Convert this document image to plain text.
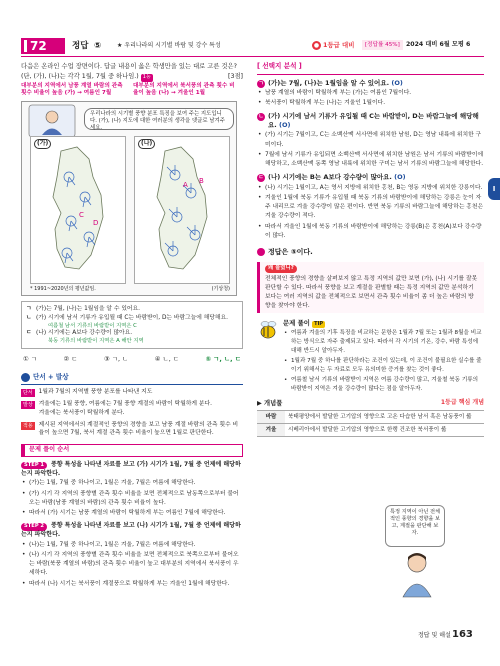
72	정답 ⑤	★ 우리나라의 시기별 바람 및 강수 특성	● 1등급 대비	[정답률 45%]	2024 대비 6월 모평 6
다음은 온라인 수업 장면이다. 답글 내용이 옳은 학생만을 있는 대로 고른 것은? (단, (가), (나)는 각각 1월, 7월 중 하나임.) 1등	[3점]
대부분의 지역에서 남풍 계열 바람의 관측 횟수 비율이 높음 (가) → 여름인 7월
대부분의 지역에서 북서풍의 관측 횟수 비율이 높음 (나) → 겨울인 1월
우리나라의 시기별 풍향 분포 특징을 보여 주는 지도입니다. (가), (나) 지도에 대한 여러분의 생각을 댓글로 남겨주세요.
(가)
C
D
(나)
A B
* 1991~2020년의 평년값임.	(기상청)
ㄱ (가)는 7월, (나)는 1월임을 알 수 있어요.
ㄴ (가) 시기에 남서 기류가 유입될 때 C는 바람받이, D는 바람그늘에 해당해요.
여름철 남서 기류의 바람받이 지역은 C
ㄷ (나) 시기에는 A보다 강수량이 많아요.
북동 기류의 바람받이 지역은 A 해안 지역
① ㄱ	② ㄷ	③ ㄱ, ㄴ	④ ㄴ, ㄷ	⑤ ㄱ, ㄴ, ㄷ
단서 + 발상
단서	1월과 7월의 지역별 풍향 분포를 나타낸 지도
발상	겨울에는 1월 풍향, 여름에는 7월 풍향 계절의 바람이 탁월하게 분다.
겨울에는 북서풍이 탁월하게 분다.
적용	제시된 지역에서의 계절적인 풍향의 경향을 보고 남풍 계절 바람의 관측 횟수 비율이 높으면 7월, 북서 계절 관측 횟수 비율이 높으면 1월로 판단한다.
문제 풀이 순서
STEP 1 풍향 특성을 나타낸 자료를 보고 (가) 시기가 1월, 7월 중 언제에 해당하는지 파악한다.
• (가)는 1월, 7월 중 하나이고, 1월은 겨울, 7월은 여름에 해당한다.
• (가) 시기 각 지역의 풍향별 관측 횟수 비율을 보면 전체적으로 남동쪽으로부터 불어오는 바람(남풍 계열의 바람)의 관측 횟수 비율이 높다.
• 따라서 (가) 시기는 남풍 계열의 바람이 탁월하게 부는 여름인 7월에 해당한다.
STEP 2 풍향 특성을 나타낸 자료를 보고 (나) 시기가 1월, 7월 중 언제에 해당하는지 파악한다.
• (나)는 1월, 7월 중 하나이고, 1월은 겨울, 7월은 여름에 해당한다.
• (나) 시기 각 지역의 풍향별 관측 횟수 비율을 보면 전체적으로 북쪽으로부터 불어오는 바람(북풍 계열의 바람)의 관측 횟수 비율이 높고 대부분의 지역에서 북서풍이 우세하다.
• 따라서 (나) 시기는 북서풍이 계절풍으로 탁월하게 부는 겨울인 1월에 해당한다.
[ 선택지 분석 ]
ㄱ (가)는 7월, (나)는 1월임을 알 수 있어요. (O)
• 남풍 계열의 바람이 탁월하게 부는 (가)는 여름인 7월이다.
• 북서풍이 탁월하게 부는 (나)는 겨울인 1월이다.
ㄴ (가) 시기에 남서 기류가 유입될 때 C는 바람받이, D는 바람그늘에 해당해요. (O)
• (가) 시기는 7월이고, C는 소백산맥 서사면에 위치한 남원, D는 영남 내륙에 위치한 구미이다.
• 7월에 남서 기류가 유입되면 소백산맥 서사면에 위치한 남원은 남서 기류의 바람받이에 해당하고, 소백산맥 동쪽 영남 내륙에 위치한 구미는 남서 기류의 바람그늘에 해당한다.
ㄷ (나) 시기에는 B는 A보다 강수량이 많아요. (O)
• (나) 시기는 1월이고, A는 영서 지방에 위치한 홍천, B는 영동 지방에 위치한 강릉이다.
• 겨울인 1월에 북동 기류가 유입될 때 북동 기류의 바람받이에 해당하는 강릉은 눈이 자주 내리므로 겨울 강수량이 많은 편이다. 반면 북동 기류의 바람그늘에 해당하는 홍천은 겨울 강수량이 적다.
• 따라서 겨울인 1월에 북동 기류의 바람받이에 해당하는 강릉(B)은 홍천(A)보다 강수량이 많다.
정답은 ⑤이다.
왜 틀렸니?

전체적인 풍향의 경향을 살펴보지 않고 특정 지역의 값만 보면 (가), (나) 시기를 잘못 판단할 수 있다. 따라서 풍향을 보고 계절을 판별할 때는 특정 지역의 값만 분석하기 보다는 여러 지역의 값을 전체적으로 보면서 관측 횟수 비율이 좀 더 높은 바람의 방향을 찾아야 한다.

문제 풀이 TIP
• 여름과 겨울의 기후 특징을 비교하는 문항은 1월과 7월 또는 1월과 8월을 비교하는 방식으로 자주 출제되고 있다. 따라서 각 시기의 기온, 강수, 바람 특성에 대해 반드시 알아두자.
• 1월과 7월 중 하나를 판단하라는 조건이 있는데, 이 조건이 불필요한 실수를 줄이기 위해서는 두 자료로 모두 유의미한 증거를 찾는 것이 좋다.
• 여름철 남서 기류의 바람받이 지역은 여름 강수량이 많고, 겨울철 북동 기류의 바람받이 지역은 겨울 강수량이 많다는 점을 알아두자.
▶ 개념풀	1등급 핵심 개념
바람	북태평양에서 발달한 고기압의 영향으로 고온 다습한 남서 혹은 남동풍이 붊
겨울	시베리아에서 발달한 고기압의 영향으로 한랭 건조한 북서풍이 붊
특정 지역이 아닌 전체적인 풍향의 경향을 보고, 계절을 판단해 보자.
I
정답 및 해설 163
